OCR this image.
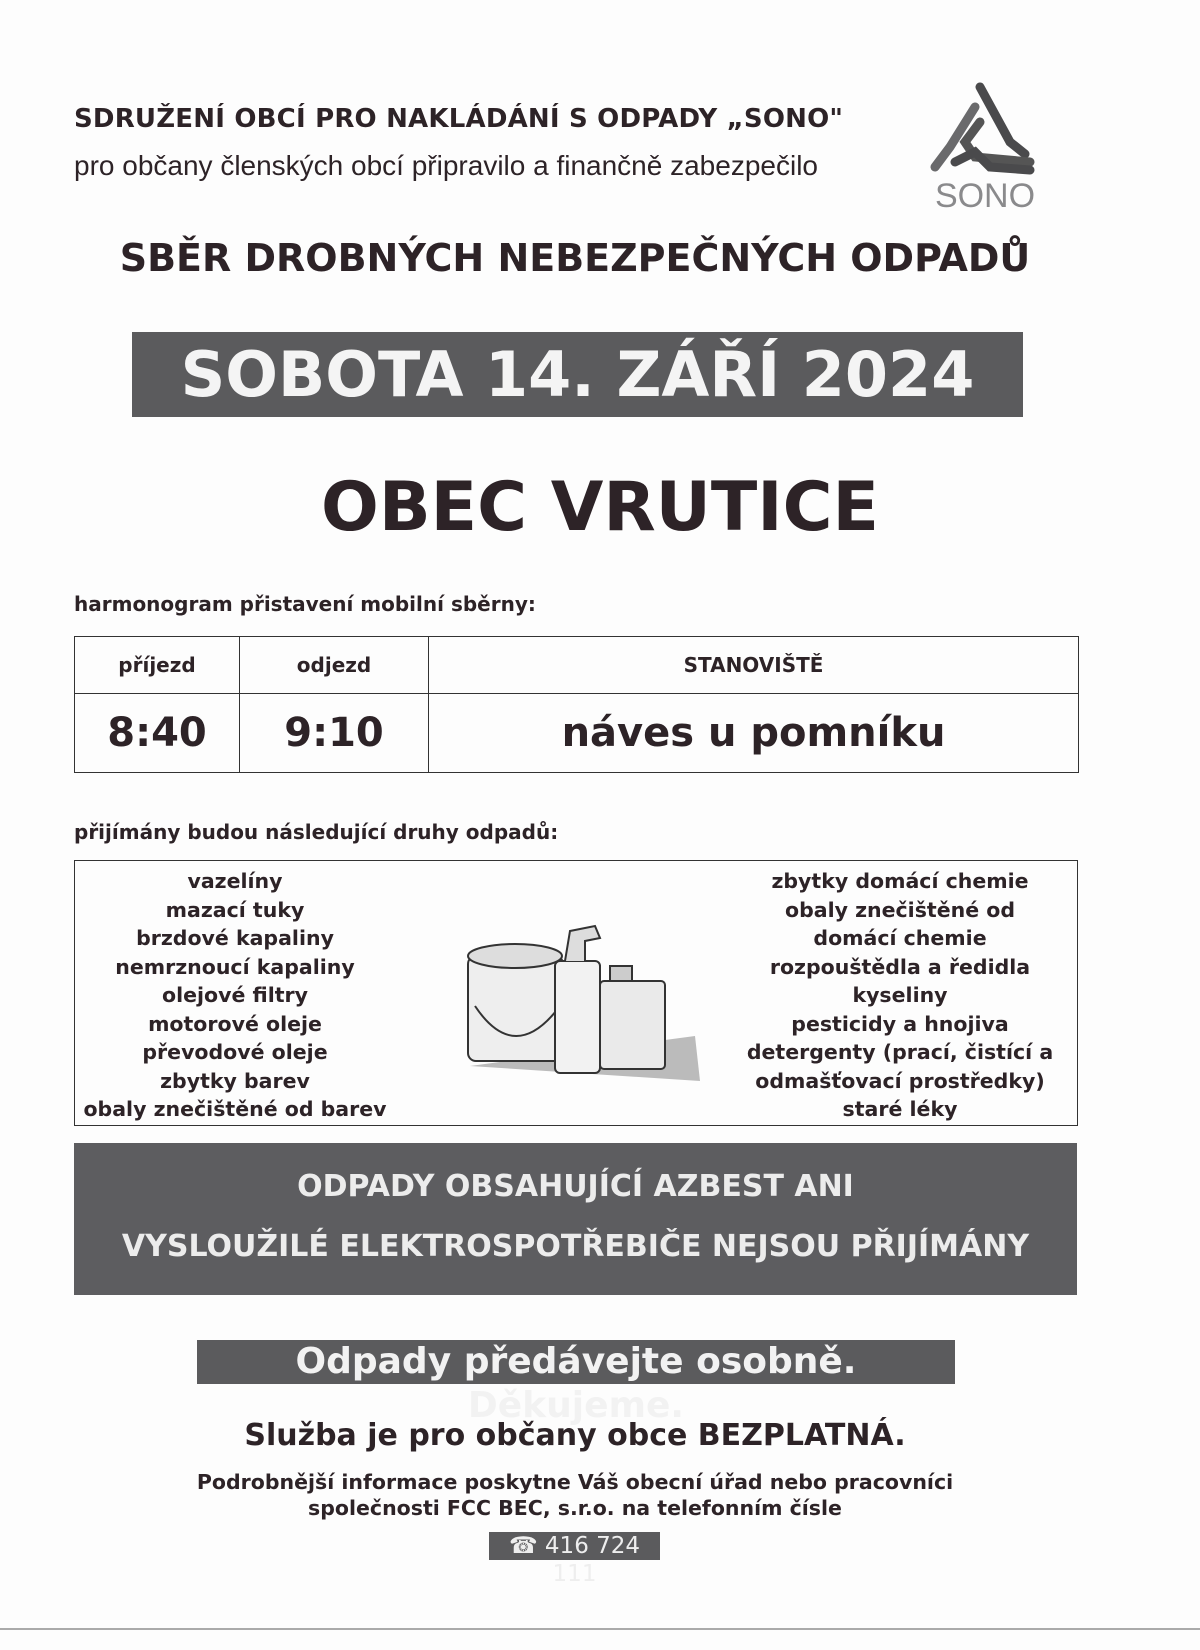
SDRUŽENÍ OBCÍ PRO NAKLÁDÁNÍ S ODPADY „SONO"
pro občany členských obcí připravilo a finančně zabezpečilo
SONO
SBĚR DROBNÝCH NEBEZPEČNÝCH ODPADŮ
SOBOTA 14. ZÁŘÍ 2024
OBEC VRUTICE
harmonogram přistavení mobilní sběrny:
příjezd	odjezd	STANOVIŠTĚ
8:40	9:10	náves u pomníku
přijímány budou následující druhy odpadů:
vazelíny
mazací tuky
brzdové kapaliny
nemrznoucí kapaliny
olejové filtry
motorové oleje
převodové oleje
zbytky barev
obaly znečištěné od barev
zbytky domácí chemie
obaly znečištěné od
domácí chemie
rozpouštědla a ředidla
kyseliny
pesticidy a hnojiva
detergenty (prací, čistící a
odmašťovací prostředky)
staré léky
ODPADY OBSAHUJÍCÍ AZBEST ANI
VYSLOUŽILÉ ELEKTROSPOTŘEBIČE NEJSOU PŘIJÍMÁNY
Odpady předávejte osobně. Děkujeme.
Služba je pro občany obce BEZPLATNÁ.
Podrobnější informace poskytne Váš obecní úřad nebo pracovníci
společnosti FCC BEC, s.r.o. na telefonním čísle
☎ 416 724 111
